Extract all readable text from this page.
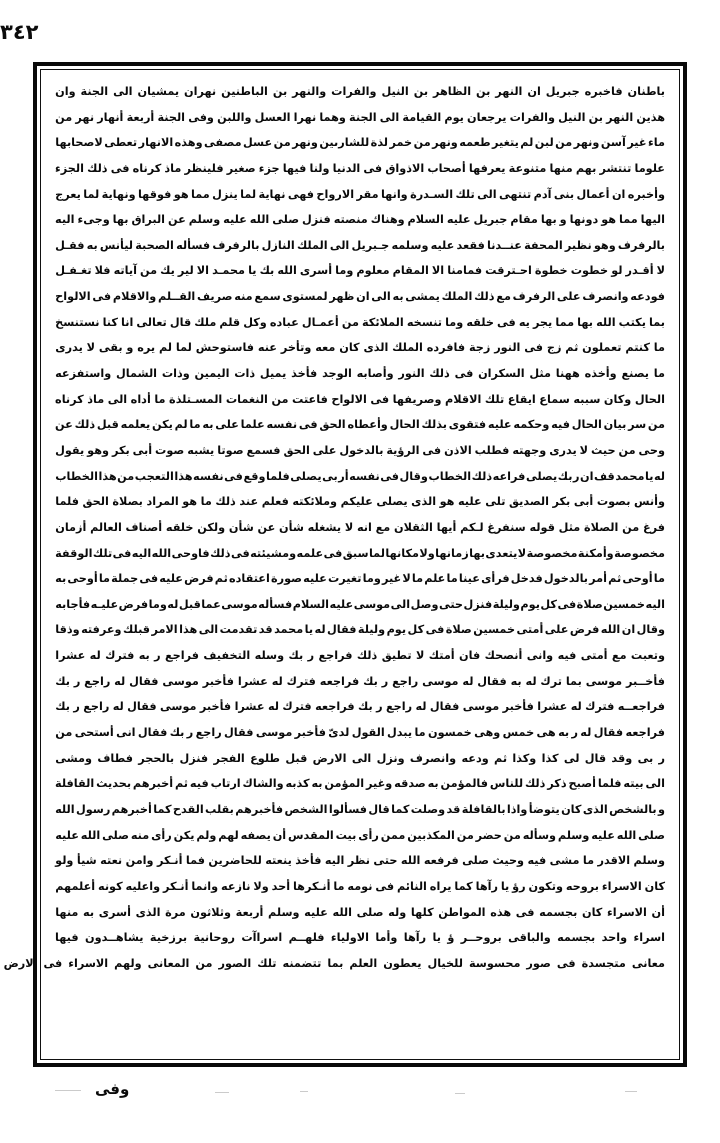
٣٤٢
باطنان
فاخبره
جبريل
ان
النهر
بن
الظاهر
بن
النيل
والفرات
والنهر
بن
الباطنين
نهران
يمشيان
الى
الجنة
وان
هذين
النهر
بن
النيل
والفرات
يرجعان
يوم
القيامة
الى
الجنة
وهما
نهرا
العسل
واللبن
وفى
الجنة
أربعة
أنهار
نهر
من
ماء
غير
آسن
ونهر
من
لبن
لم
يتغير
طعمه
ونهر
من
خمر
لذة
للشارٮين
ونهر
من
عسل
مصفى
وهذه
الانهار
تعطى
لاصحابها
علوما
تنتشر
بهم
منها
متنوعة
يعرفها
أصحاب
الاذواق
فى
الدنيا
ولنا
فيها
جزء
صغير
فلينظر
ماذ
كرناه
فى
ذلك
الجزء
وأخبره
ان
أعمال
بنى
آدم
تنتهى
الى
تلك
السـدرة
وانها
مقر
الارواح
فهى
نهاية
لما
ينزل
مما
هو
فوقها
ونهاية
لما
يعرج
اليها
مما
هو
دونها
و
بها
مقام
جبريل
عليه
السلام
وهناك
منصته
فنزل
صلى
الله
عليه
وسلم
عن
البراق
بها
وجىء
اليه
بالرفرف
وهو
نظير
المحفة
عنــدنا
فقعد
عليه
وسلمه
جـبريل
الى
الملك
النازل
بالرفرف
فسأله
الصحبة
ليأنس
به
فقـل
لا
أقـدر
لو
خطوت
خطوة
احـترقت
فمامنا
الا
المقام
معلوم
وما
أسرى
الله
بك
يا
محمـد
الا
لير
يك
من
آياته
فلا
تغـفـل
فودعه
وانصرف
على
الرفرف
مع
ذلك
الملك
يمشى
به
الى
ان
ظهر
لمستوى
سمع
منه
صريف
القــلم
والاقلام
فى
الالواح
بما
يكتب
الله
بها
مما
يجر
يه
فى
خلقه
وما
تنسخه
الملائكة
من
أعمـال
عباده
وكل
قلم
ملك
قال
تعالى
انا
كنا
نستنسخ
ما
كنتم
تعملون
ثم
زج
فى
النور
زجة
فافرده
الملك
الذى
كان
معه
وتأخر
عنه
فاستوحش
لما
لم
يره
و
بقى
لا
يدرى
ما
يصنع
وأخذه
ههنا
مثل
السكران
فى
ذلك
النور
وأصابه
الوجد
فأخذ
يميل
ذات
اليمين
وذات
الشمال
واستفزعه
الحال
وكان
سببه
سماع
ايقاع
تلك
الاقلام
وصريفها
فى
الالواح
فاعتت
من
النغمات
المسـتلذة
ما
أداه
الى
ماذ
كرناه
من
سر
بيان
الحال
فيه
وحكمه
عليه
فتقوى
بذلك
الحال
وأعطاه
الحق
فى
نفسه
علما
على
به
ما
لم
يكن
يعلمه
قبل
ذلك
عن
وحى
من
حيث
لا
يدرى
وجهته
فطلب
الاذن
فى
الرؤية
بالدخول
على
الحق
فسمع
صوتا
يشبه
صوت
أبى
بكر
وهو
يقول
له
يا
محمد
قف
ان
ر
بك
يصلى
فراعه
ذلك
الخطاب
وقال
فى
نفسه
أر
بى
يصلى
فلما
وقع
فى
نفسه
هذا
التعجب
من
هذا
الخطاب
وأنس
بصوت
أبى
بكر
الصديق
تلى
عليه
هو
الذى
يصلى
عليكم
وملائكته
فعلم
عند
ذلك
ما
هو
المراد
بصلاة
الحق
فلما
فرغ
من
الصلاة
مثل
قوله
سنفرغ
لـكم
أيها
الثقلان
مع
انه
لا
يشغله
شأن
عن
شأن
ولكن
خلقه
أصناف
العالم
أزمان
مخصوصة
وأمكنة
مخصوصة
لا
يتعدى
بها
زمانها
ولا
مكانها
لما
سبق
فى
علمه
ومشيئته
فى
ذلك
فاوحى
الله
اليه
فى
تلك
الوقفة
ما
أوحى
ثم
أمر
بالدخول
فدخل
فرأى
عينا
ما
علم
ما
لا
غير
وما
تغيرت
عليه
صورة
اعتقاده
ثم
فرض
عليه
فى
جملة
ما
أوحى
به
اليه
خمسين
صلاة
فى
كل
يوم
وليلة
فنزل
حتى
وصل
الى
موسى
عليه
السلام
فسأله
موسى
عما
قبل
له
وما
فرض
عليـه
فأجابه
وقال
ان
الله
فرض
على
أمتى
خمسين
صلاة
فى
كل
يوم
وليلة
فقال
له
يا
محمد
قد
تقدمت
الى
هذا
الامر
قبلك
وعرفته
وذقا
وتعبت
مع
أمتى
فيه
وانى
أنصحك
فان
أمتك
لا
تطيق
ذلك
فراجع
ر
بك
وسله
التخفيف
فراجع
ر
به
فترك
له
عشرا
فأخــبر
موسى
بما
ترك
له
به
فقال
له
موسى
راجع
ر
بك
فراجعه
فترك
له
عشرا
فأخبر
موسى
فقال
له
راجع
ر
بك
فراجعــه
فترك
له
عشرا
فأخبر
موسى
فقال
له
راجع
ر
بك
فراجعه
فترك
له
عشرا
فأخبر
موسى
فقال
له
راجع
ر
بك
فراجعه
فقال
له
ر
به
هى
خمس
وهى
خمسون
ما
يبدل
القول
لدىّ
فأخبر
موسى
فقال
راجع
ر
بك
فقال
انى
أستحى
من
ر
بى
وقد
قال
لى
كذا
وكذا
ثم
ودعه
وانصرف
ونزل
الى
الارض
قبل
طلوع
الفجر
فنزل
بالحجر
فطاف
ومشى
الى
بيته
فلما
أصبح
ذكر
ذلك
للناس
فالمؤمن
به
صدقه
وغير
المؤمن
به
كذبه
والشاك
ارتاب
فيه
ثم
أخبرهم
بحديث
القافلة
و
بالشخص
الذى
كان
يتوضأ
واذا
بالقافلة
قد
وصلت
كما
قال
فسألوا
الشخص
فأخبرهم
بقلب
القدح
كما
أخبرهم
رسول
الله
صلى
الله
عليه
وسلم
وسأله
من
حضر
من
المكذبين
ممن
رأى
بيت
المقدس
أن
يصفه
لهم
ولم
يكن
رأى
منه
صلى
الله
عليه
وسلم
الاقدر
ما
مشى
فيه
وحيث
صلى
فرفعه
الله
حتى
نظر
اليه
فأخذ
ينعته
للحاضرين
فما
أنـكر
وامن
نعته
شيأ
ولو
كان
الاسراء
بروحه
وتكون
رؤ
يا
رآها
كما
يراه
النائم
فى
نومه
ما
أنـكرها
أحد
ولا
نازعه
وانما
أنـكر
واعليه
كونه
أعلمهم
أن
الاسراء
كان
بجسمه
فى
هذه
المواطن
كلها
وله
صلى
الله
عليه
وسلم
أربعة
وثلاثون
مرة
الذى
أسرى
به
منها
اسراء
واحد
بجسمه
والباقى
بروحــر
ؤ
يا
رآها
وأما
الاولياء
فلهــم
اسراآت
روحانية
برزخية
يشاهــدون
فيها
معانى
متجسدة
فى
صور
محسوسة
للخيال
يعطون
العلم
بما
تتضمنه
تلك
الصور
من
المعانى
ولهم
الاسراء
فى
الارض
وفى
